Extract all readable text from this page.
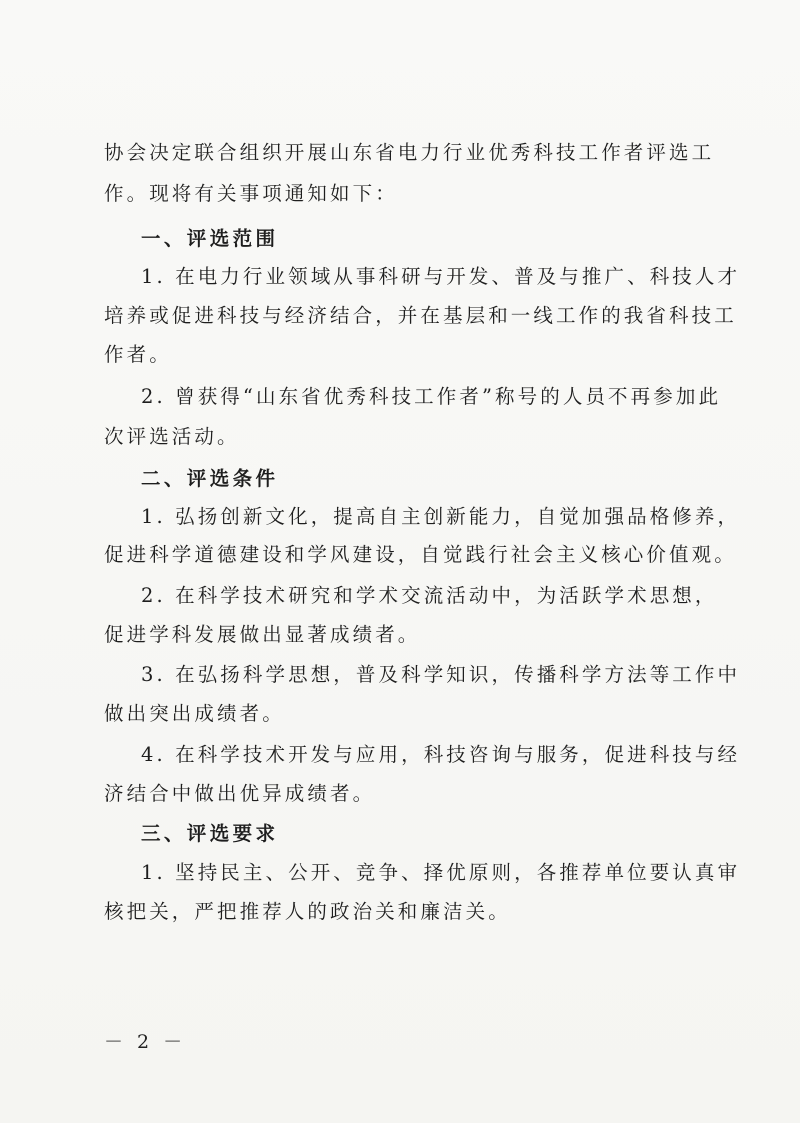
协会决定联合组织开展山东省电力行业优秀科技工作者评选工
作。现将有关事项通知如下：
一、评选范围
1. 在电力行业领域从事科研与开发、普及与推广、科技人才
培养或促进科技与经济结合，并在基层和一线工作的我省科技工
作者。
2. 曾获得“山东省优秀科技工作者”称号的人员不再参加此
次评选活动。
二、评选条件
1. 弘扬创新文化，提高自主创新能力，自觉加强品格修养，
促进科学道德建设和学风建设，自觉践行社会主义核心价值观。
2. 在科学技术研究和学术交流活动中，为活跃学术思想，
促进学科发展做出显著成绩者。
3. 在弘扬科学思想，普及科学知识，传播科学方法等工作中
做出突出成绩者。
4. 在科学技术开发与应用，科技咨询与服务，促进科技与经
济结合中做出优异成绩者。
三、评选要求
1. 坚持民主、公开、竞争、择优原则，各推荐单位要认真审
核把关，严把推荐人的政治关和廉洁关。
－ 2 －
